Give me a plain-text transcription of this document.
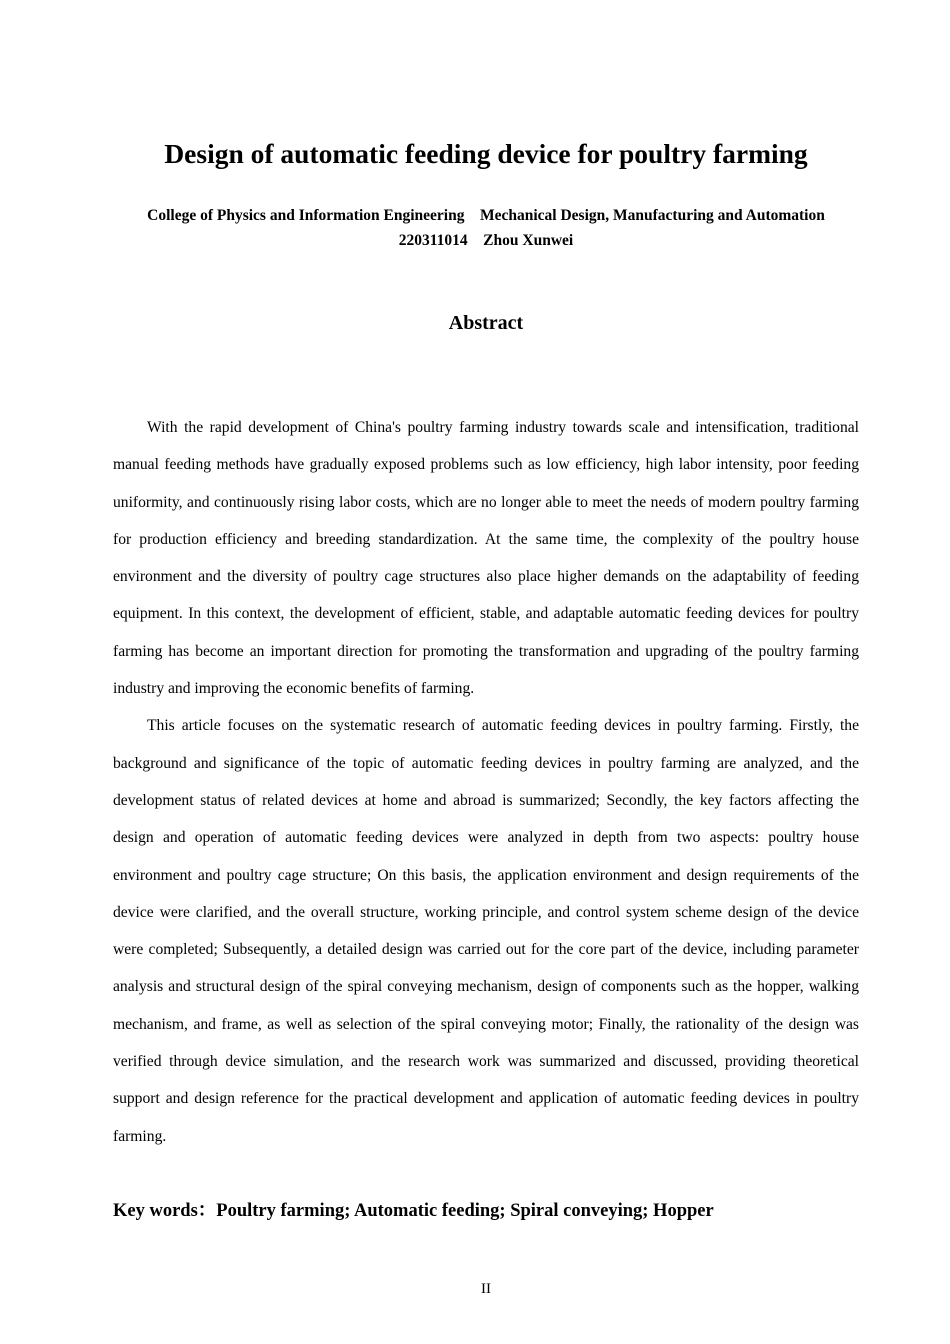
Design of automatic feeding device for poultry farming
College of Physics and Information Engineering    Mechanical Design, Manufacturing and Automation
220311014    Zhou Xunwei
Abstract

With the rapid development of China's poultry farming industry towards scale and intensification, traditional manual feeding methods have gradually exposed problems such as low efficiency, high labor intensity, poor feeding uniformity, and continuously rising labor costs, which are no longer able to meet the needs of modern poultry farming for production efficiency and breeding standardization. At the same time, the complexity of the poultry house environment and the diversity of poultry cage structures also place higher demands on the adaptability of feeding equipment. In this context, the development of efficient, stable, and adaptable automatic feeding devices for poultry farming has become an important direction for promoting the transformation and upgrading of the poultry farming industry and improving the economic benefits of farming.

This article focuses on the systematic research of automatic feeding devices in poultry farming. Firstly, the background and significance of the topic of automatic feeding devices in poultry farming are analyzed, and the development status of related devices at home and abroad is summarized; Secondly, the key factors affecting the design and operation of automatic feeding devices were analyzed in depth from two aspects: poultry house environment and poultry cage structure; On this basis, the application environment and design requirements of the device were clarified, and the overall structure, working principle, and control system scheme design of the device were completed; Subsequently, a detailed design was carried out for the core part of the device, including parameter analysis and structural design of the spiral conveying mechanism, design of components such as the hopper, walking mechanism, and frame, as well as selection of the spiral conveying motor; Finally, the rationality of the design was verified through device simulation, and the research work was summarized and discussed, providing theoretical support and design reference for the practical development and application of automatic feeding devices in poultry farming.

Key words：Poultry farming; Automatic feeding; Spiral conveying; Hopper
II
